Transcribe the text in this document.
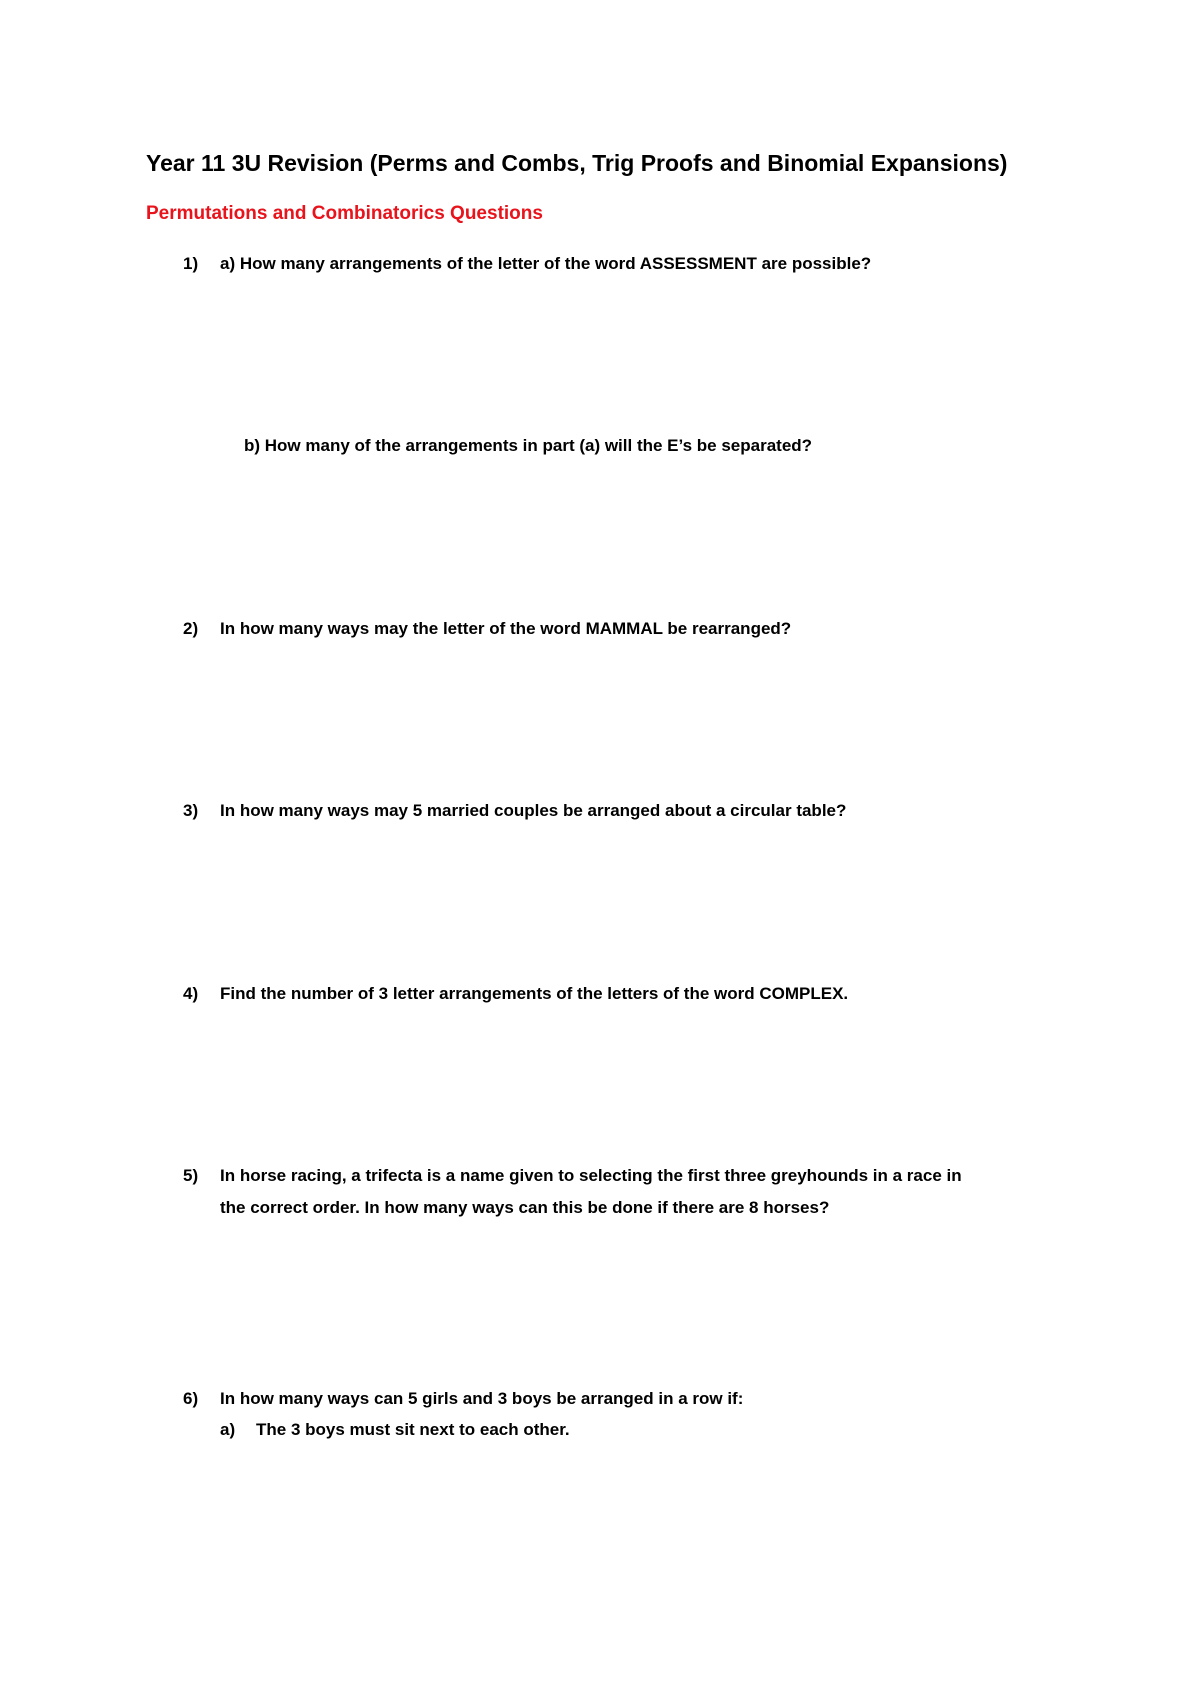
Year 11 3U Revision (Perms and Combs, Trig Proofs and Binomial Expansions)
Permutations and Combinatorics Questions
1)	a) How many arrangements of the letter of the word ASSESSMENT are possible?
b) How many of the arrangements in part (a) will the E’s be separated?
2)	In how many ways may the letter of the word MAMMAL be rearranged?
3)	In how many ways may 5 married couples be arranged about a circular table?
4)	Find the number of 3 letter arrangements of the letters of the word COMPLEX.
5)	In horse racing, a trifecta is a name given to selecting the first three greyhounds in a race in
the correct order. In how many ways can this be done if there are 8 horses?
6)	In how many ways can 5 girls and 3 boys be arranged in a row if:
a) The 3 boys must sit next to each other.
